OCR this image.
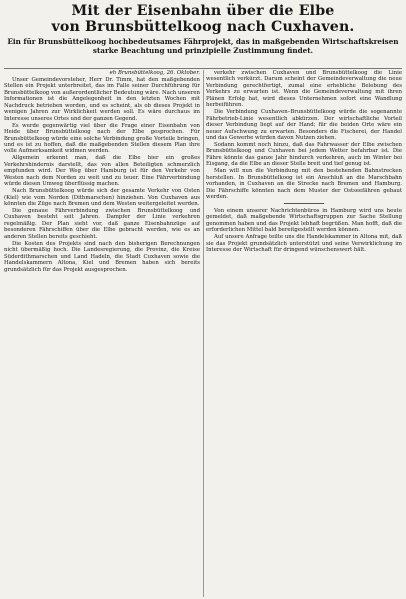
Mit der Eisenbahn über die Elbe
von Brunsbüttelkoog nach Cuxhaven.
Ein für Brunsbüttelkoog hochbedeutsames Fährprojekt, das in maßgebenden Wirtschaftskreisen starke Beachtung und prinzipielle Zustimmung findet.

eh Brunsbüttelkoog, 26. Oktober.

Unser Gemeindevorsteher, Herr Dr. Timm, hat den maßgebenden Stellen ein Projekt unterbreitet, das im Falle seiner Durchführung für Brunsbüttelkoog von außerordentlicher Bedeutung wäre. Nach unseren Informationen ist die Angelegenheit in den letzten Wochen mit Nachdruck betrieben worden, und es scheint, als ob dieses Projekt in wenigen Jahren zur Wirklichkeit werden soll. Es wäre durchaus im Interesse unseres Ortes und der ganzen Gegend.

Es werde gegenwärtig viel über die Frage einer Eisenbahn von Heide über Brunsbüttelkoog nach der Elbe gesprochen. Für Brunsbüttelkoog würde eine solche Verbindung große Vorteile bringen, und es ist zu hoffen, daß die maßgebenden Stellen diesem Plan ihre volle Aufmerksamkeit widmen werden.

Allgemein erkennt man, daß die Elbe hier ein großes Verkehrshindernis darstellt, das von allen Beteiligten schmerzlich empfunden wird. Der Weg über Hamburg ist für den Verkehr von Westen nach dem Norden zu weit und zu teuer. Eine Fährverbindung würde diesen Umweg überflüssig machen.

Nach Brunsbüttelkoog würde sich der gesamte Verkehr von Osten (Kiel) wie vom Norden (Dithmarschen) hinziehen. Von Cuxhaven aus könnten die Züge nach Bremen und dem Westen weitergeleitet werden.

Die genaue Fährverbindung zwischen Brunsbüttelkoog und Cuxhaven besteht seit Jahren. Dampfer der Linie verkehren regelmäßig. Der Plan sieht vor, daß ganze Eisenbahnzüge auf besonderen Fährschiffen über die Elbe gebracht werden, wie es an anderen Stellen bereits geschieht.

Die Kosten des Projekts sind nach den bisherigen Berechnungen nicht übermäßig hoch. Die Landesregierung, die Provinz, die Kreise Süderdithmarschen und Land Hadeln, die Stadt Cuxhaven sowie die Handelskammern Altona, Kiel und Bremen haben sich bereits grundsätzlich für das Projekt ausgesprochen.

verkehr zwischen Cuxhaven und Brunsbüttelkoog die Linie wesentlich verkürzt. Darum scheint der Gemeindeverwaltung die neue Verbindung gerechtfertigt, zumal eine erhebliche Belebung des Verkehrs zu erwarten ist. Wenn die Gemeindeverwaltung mit ihren Plänen Erfolg hat, wird dieses Unternehmen sofort eine Wandlung herbeiführen.

Die Verbindung Cuxhaven–Brunsbüttelkoog würde die sogenannte Fährbetrieb-Linie wesentlich abkürzen. Der wirtschaftliche Vorteil dieser Verbindung liegt auf der Hand; für die beiden Orte wäre ein neuer Aufschwung zu erwarten. Besonders die Fischerei, der Handel und das Gewerbe würden davon Nutzen ziehen.

Sodann kommt noch hinzu, daß das Fahrwasser der Elbe zwischen Brunsbüttelkoog und Cuxhaven bei jedem Wetter befahrbar ist. Die Fähre könnte das ganze Jahr hindurch verkehren, auch im Winter bei Eisgang, da die Elbe an dieser Stelle breit und tief genug ist.

Man will nun die Verbindung mit den bestehenden Bahnstrecken herstellen. In Brunsbüttelkoog ist ein Anschluß an die Marschbahn vorhanden, in Cuxhaven an die Strecke nach Bremen und Hamburg. Die Fährschiffe könnten nach dem Muster der Ostseefähren gebaut werden.

Von einem unserer Nachrichtenbüros in Hamburg wird uns heute gemeldet, daß maßgebende Wirtschaftsgruppen zur Sache Stellung genommen haben und das Projekt lebhaft begrüßen. Man hofft, daß die erforderlichen Mittel bald bereitgestellt werden können.

Auf unsere Anfrage teilte uns die Handelskammer in Altona mit, daß sie das Projekt grundsätzlich unterstützt und seine Verwirklichung im Interesse der Wirtschaft für dringend wünschenswert hält.
